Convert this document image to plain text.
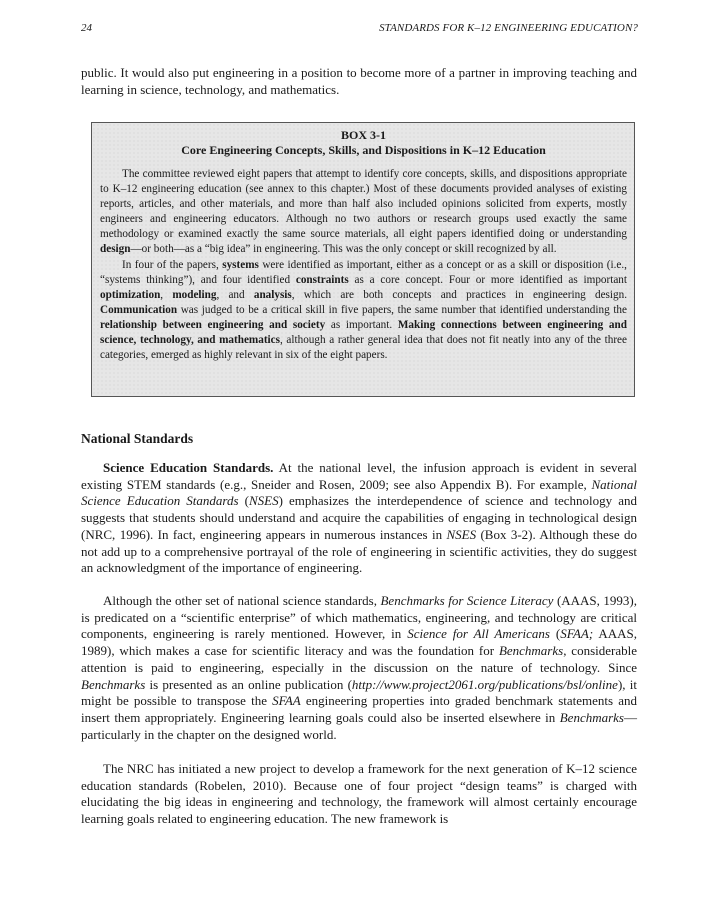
24	STANDARDS FOR K–12 ENGINEERING EDUCATION?

public. It would also put engineering in a position to become more of a partner in improving teaching and learning in science, technology, and mathematics.

BOX 3-1

Core Engineering Concepts, Skills, and Dispositions in K–12 Education

The committee reviewed eight papers that attempt to identify core concepts, skills, and dispositions appropriate to K–12 engineering education (see annex to this chapter.) Most of these documents provided analyses of existing reports, articles, and other materials, and more than half also included opinions solicited from experts, mostly engineers and engineering educators. Although no two authors or research groups used exactly the same methodology or examined exactly the same source materials, all eight papers identified doing or understanding design—or both—as a “big idea” in engineering. This was the only concept or skill recognized by all.

In four of the papers, systems were identified as important, either as a concept or as a skill or disposition (i.e., “systems thinking”), and four identified constraints as a core concept. Four or more identified as important optimization, modeling, and analysis, which are both concepts and practices in engineering design. Communication was judged to be a critical skill in five papers, the same number that identified understanding the relationship between engineering and society as important. Making connections between engineering and science, technology, and mathematics, although a rather general idea that does not fit neatly into any of the three categories, emerged as highly relevant in six of the eight papers.

National Standards

Science Education Standards. At the national level, the infusion approach is evident in several existing STEM standards (e.g., Sneider and Rosen, 2009; see also Appendix B). For example, National Science Education Standards (NSES) emphasizes the interdependence of science and technology and suggests that students should understand and acquire the capabilities of engaging in technological design (NRC, 1996). In fact, engineering appears in numerous instances in NSES (Box 3-2). Although these do not add up to a comprehensive portrayal of the role of engineering in scientific activities, they do suggest an acknowledgment of the importance of engineering.

Although the other set of national science standards, Benchmarks for Science Literacy (AAAS, 1993), is predicated on a “scientific enterprise” of which mathematics, engineering, and technology are critical components, engineering is rarely mentioned. However, in Science for All Americans (SFAA; AAAS, 1989), which makes a case for scientific literacy and was the foundation for Benchmarks, considerable attention is paid to engineering, especially in the discussion on the nature of technology. Since Benchmarks is presented as an online publication (http://www.project2061.org/publications/bsl/online), it might be possible to transpose the SFAA engineering properties into graded benchmark statements and insert them appropriately. Engineering learning goals could also be inserted elsewhere in Benchmarks—particularly in the chapter on the designed world.

The NRC has initiated a new project to develop a framework for the next generation of K–12 science education standards (Robelen, 2010). Because one of four project “design teams” is charged with elucidating the big ideas in engineering and technology, the framework will almost certainly encourage learning goals related to engineering education. The new framework is
